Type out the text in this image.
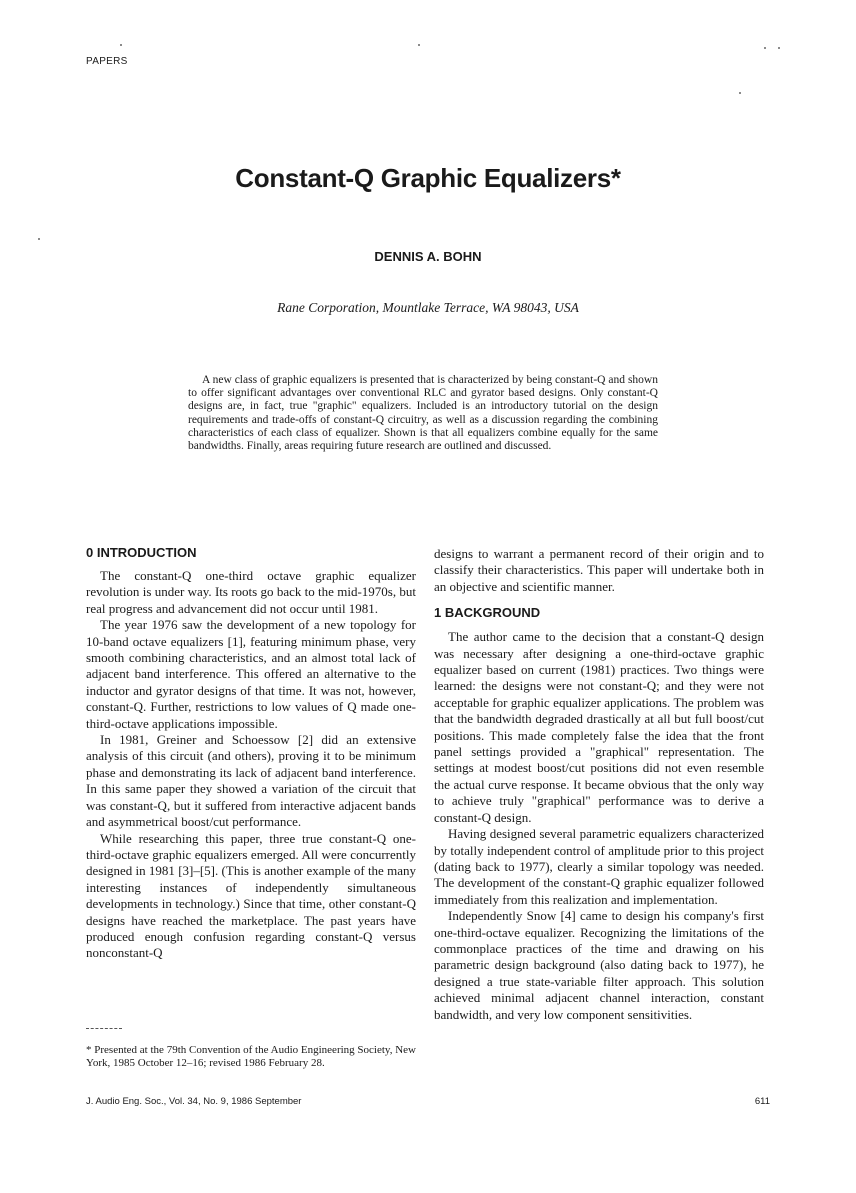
PAPERS
Constant-Q Graphic Equalizers*
DENNIS A. BOHN
Rane Corporation, Mountlake Terrace, WA 98043, USA

A new class of graphic equalizers is presented that is characterized by being constant-Q and shown to offer significant advantages over conventional RLC and gyrator based designs. Only constant-Q designs are, in fact, true "graphic" equalizers. Included is an introductory tutorial on the design requirements and trade-offs of constant-Q circuitry, as well as a discussion regarding the combining characteristics of each class of equalizer. Shown is that all equalizers combine equally for the same bandwidths. Finally, areas requiring future research are outlined and discussed.

0 INTRODUCTION

The constant-Q one-third octave graphic equalizer revolution is under way. Its roots go back to the mid-1970s, but real progress and advancement did not occur until 1981.

The year 1976 saw the development of a new topology for 10-band octave equalizers [1], featuring minimum phase, very smooth combining characteristics, and an almost total lack of adjacent band interference. This offered an alternative to the inductor and gyrator designs of that time. It was not, however, constant-Q. Further, restrictions to low values of Q made one-third-octave applications impossible.

In 1981, Greiner and Schoessow [2] did an extensive analysis of this circuit (and others), proving it to be minimum phase and demonstrating its lack of adjacent band interference. In this same paper they showed a variation of the circuit that was constant-Q, but it suffered from interactive adjacent bands and asymmetrical boost/cut performance.

While researching this paper, three true constant-Q one-third-octave graphic equalizers emerged. All were concurrently designed in 1981 [3]–[5]. (This is another example of the many interesting instances of independently simultaneous developments in technology.) Since that time, other constant-Q designs have reached the marketplace. The past years have produced enough confusion regarding constant-Q versus nonconstant-Q

designs to warrant a permanent record of their origin and to classify their characteristics. This paper will undertake both in an objective and scientific manner.

1 BACKGROUND

The author came to the decision that a constant-Q design was necessary after designing a one-third-octave graphic equalizer based on current (1981) practices. Two things were learned: the designs were not constant-Q; and they were not acceptable for graphic equalizer applications. The problem was that the bandwidth degraded drastically at all but full boost/cut positions. This made completely false the idea that the front panel settings provided a "graphical" representation. The settings at modest boost/cut positions did not even resemble the actual curve response. It became obvious that the only way to achieve truly "graphical" performance was to derive a constant-Q design.

Having designed several parametric equalizers characterized by totally independent control of amplitude prior to this project (dating back to 1977), clearly a similar topology was needed. The development of the constant-Q graphic equalizer followed immediately from this realization and implementation.

Independently Snow [4] came to design his company's first one-third-octave equalizer. Recognizing the limitations of the commonplace practices of the time and drawing on his parametric design background (also dating back to 1977), he designed a true state-variable filter approach. This solution achieved minimal adjacent channel interaction, constant bandwidth, and very low component sensitivities.

* Presented at the 79th Convention of the Audio Engineering Society, New York, 1985 October 12–16; revised 1986 February 28.

J. Audio Eng. Soc., Vol. 34, No. 9, 1986 September	611
